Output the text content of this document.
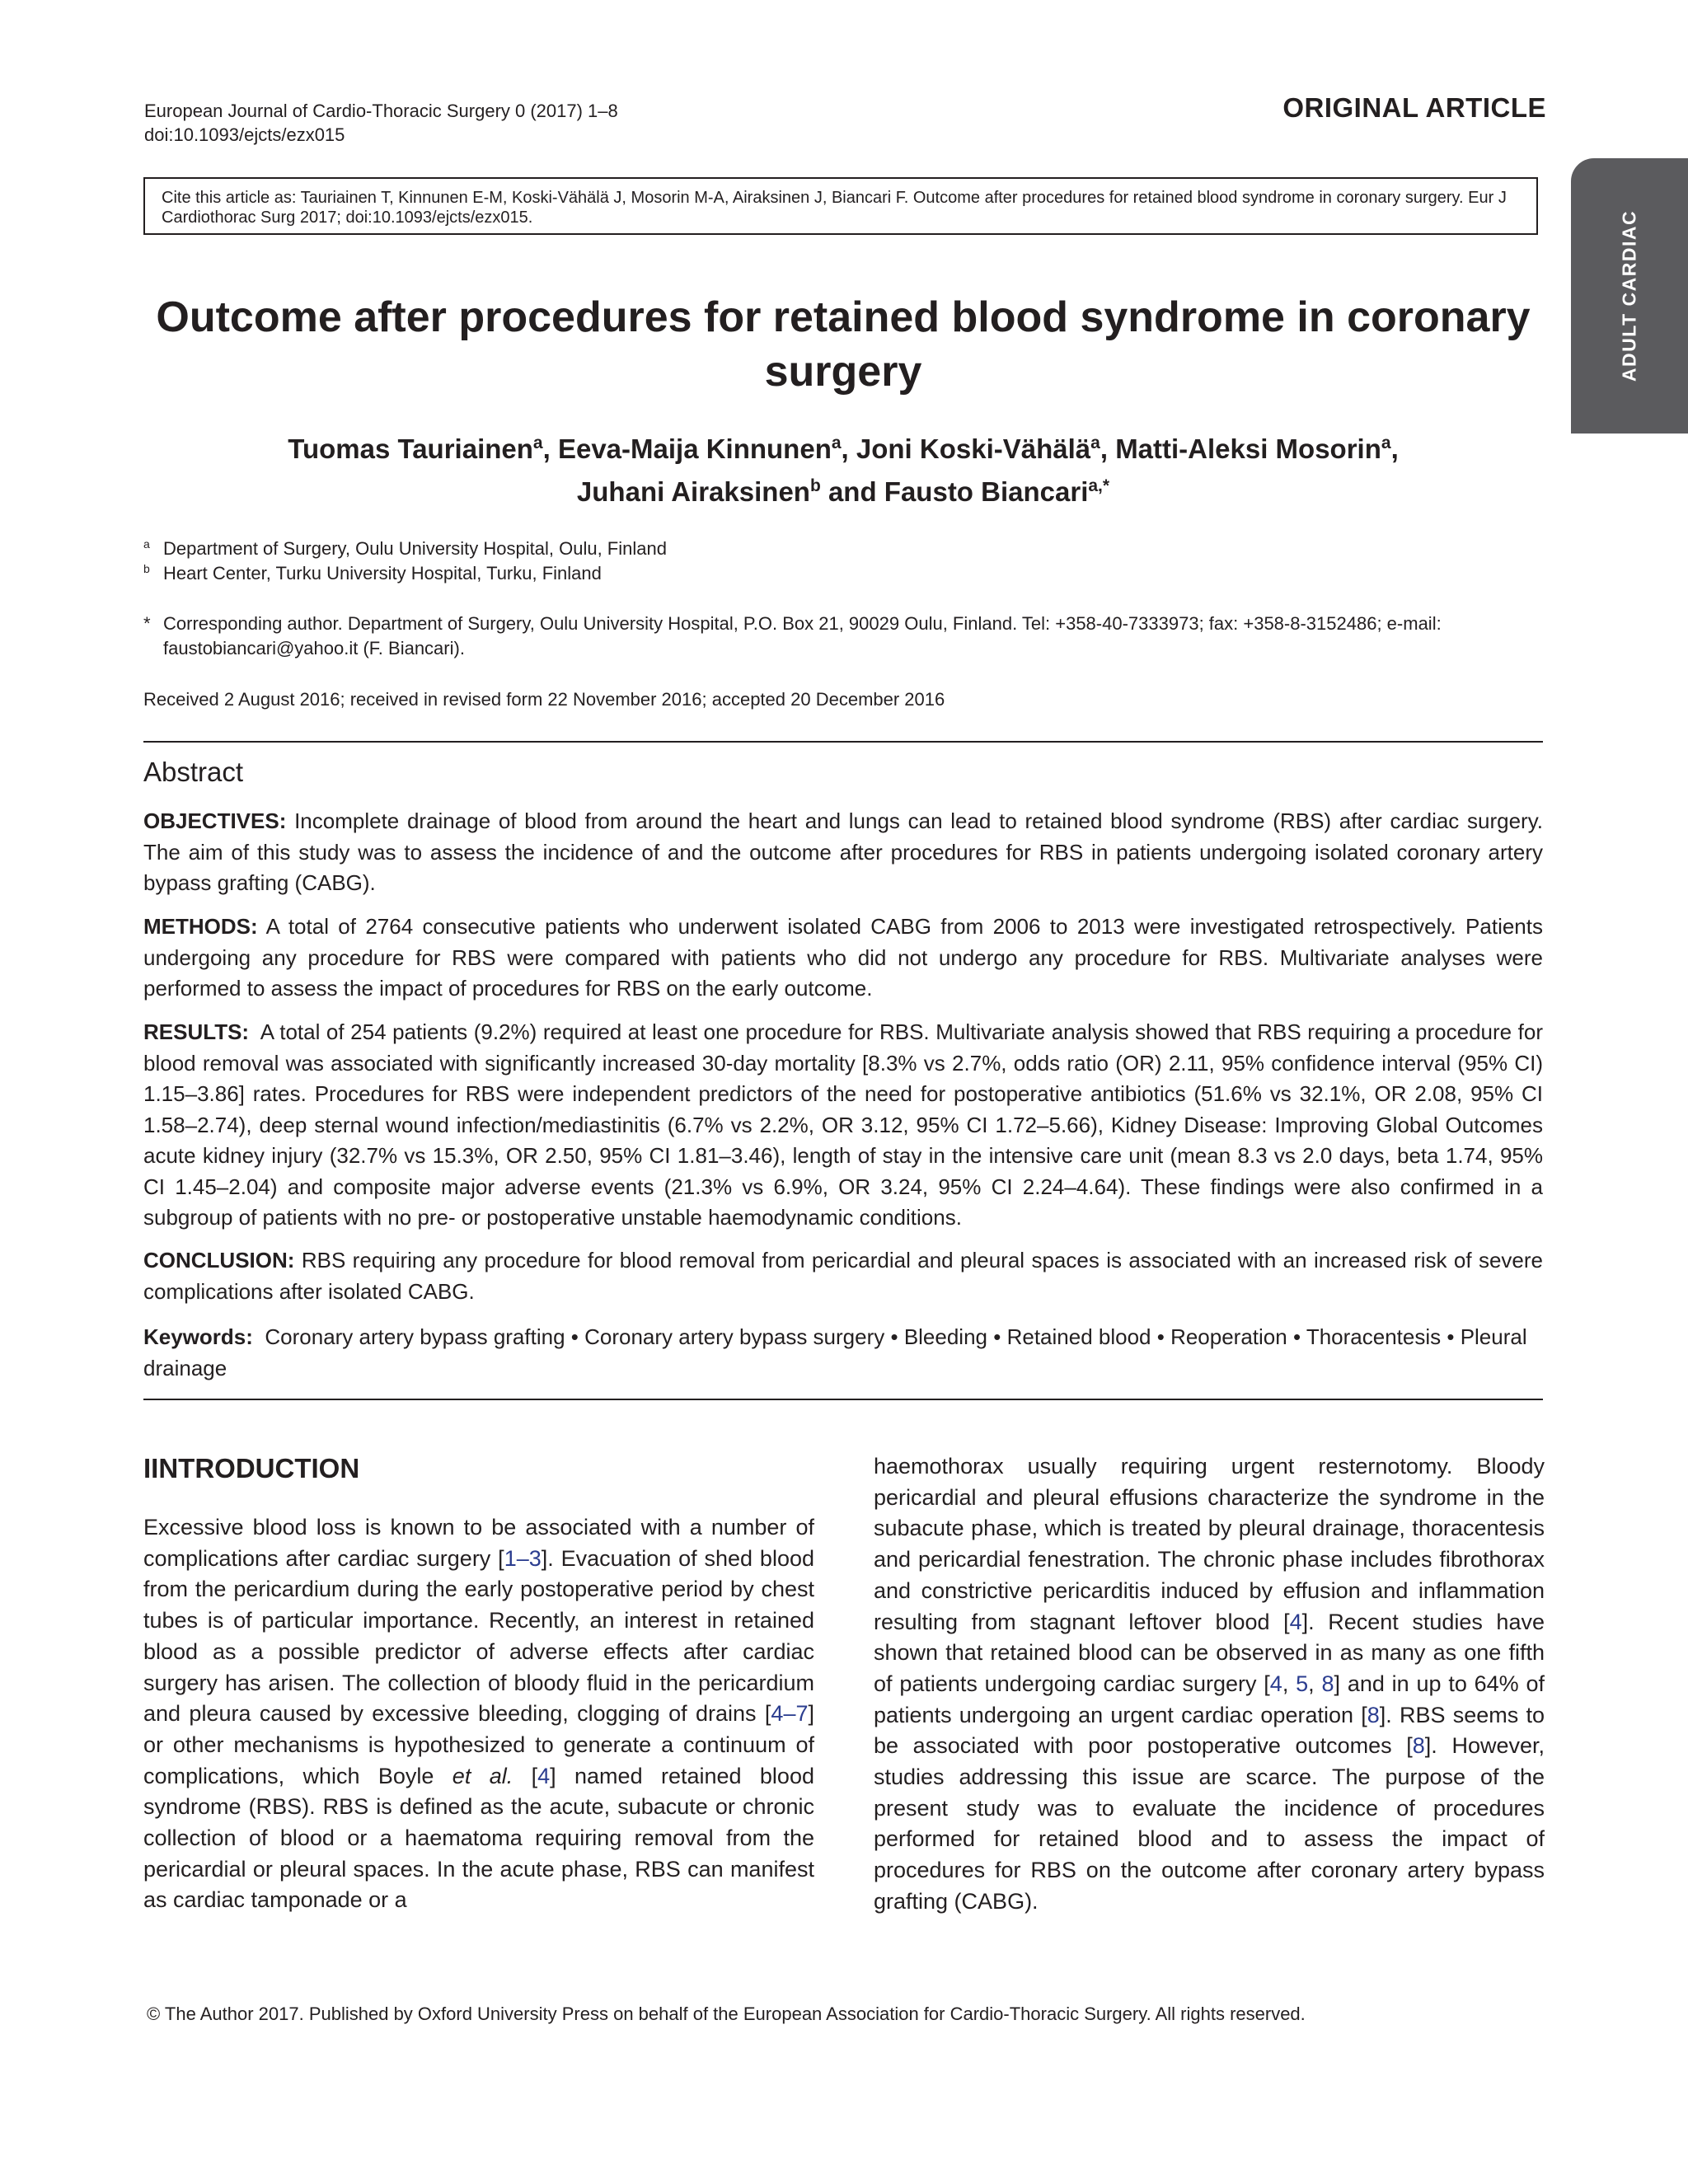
European Journal of Cardio-Thoracic Surgery 0 (2017) 1–8
doi:10.1093/ejcts/ezx015
ORIGINAL ARTICLE
ADULT CARDIAC
Cite this article as: Tauriainen T, Kinnunen E-M, Koski-Vähälä J, Mosorin M-A, Airaksinen J, Biancari F. Outcome after procedures for retained blood syndrome in coronary surgery. Eur J Cardiothorac Surg 2017; doi:10.1093/ejcts/ezx015.
Outcome after procedures for retained blood syndrome in coronary surgery
Tuomas Tauriainen$^a$, Eeva-Maija Kinnunen$^a$, Joni Koski-Vähälä$^a$, Matti-Aleksi Mosorin$^a$,
Juhani Airaksinen$^b$ and Fausto Biancari$^{a,*}$
$^a$ Department of Surgery, Oulu University Hospital, Oulu, Finland
$^b$ Heart Center, Turku University Hospital, Turku, Finland
* Corresponding author. Department of Surgery, Oulu University Hospital, P.O. Box 21, 90029 Oulu, Finland. Tel: +358-40-7333973; fax: +358-8-3152486; e-mail: faustobiancari@yahoo.it (F. Biancari).
Received 2 August 2016; received in revised form 22 November 2016; accepted 20 December 2016
Abstract

OBJECTIVES: Incomplete drainage of blood from around the heart and lungs can lead to retained blood syndrome (RBS) after cardiac surgery. The aim of this study was to assess the incidence of and the outcome after procedures for RBS in patients undergoing isolated coronary artery bypass grafting (CABG).

METHODS: A total of 2764 consecutive patients who underwent isolated CABG from 2006 to 2013 were investigated retrospectively. Patients undergoing any procedure for RBS were compared with patients who did not undergo any procedure for RBS. Multivariate analyses were performed to assess the impact of procedures for RBS on the early outcome.

RESULTS: A total of 254 patients (9.2%) required at least one procedure for RBS. Multivariate analysis showed that RBS requiring a procedure for blood removal was associated with significantly increased 30-day mortality [8.3% vs 2.7%, odds ratio (OR) 2.11, 95% confidence interval (95% CI) 1.15–3.86] rates. Procedures for RBS were independent predictors of the need for postoperative antibiotics (51.6% vs 32.1%, OR 2.08, 95% CI 1.58–2.74), deep sternal wound infection/mediastinitis (6.7% vs 2.2%, OR 3.12, 95% CI 1.72–5.66), Kidney Disease: Improving Global Outcomes acute kidney injury (32.7% vs 15.3%, OR 2.50, 95% CI 1.81–3.46), length of stay in the intensive care unit (mean 8.3 vs 2.0 days, beta 1.74, 95% CI 1.45–2.04) and composite major adverse events (21.3% vs 6.9%, OR 3.24, 95% CI 2.24–4.64). These findings were also confirmed in a subgroup of patients with no pre- or postoperative unstable haemodynamic conditions.

CONCLUSION: RBS requiring any procedure for blood removal from pericardial and pleural spaces is associated with an increased risk of severe complications after isolated CABG.

Keywords: Coronary artery bypass grafting • Coronary artery bypass surgery • Bleeding • Retained blood • Reoperation • Thoracentesis • Pleural drainage

IINTRODUCTION

Excessive blood loss is known to be associated with a number of complications after cardiac surgery [1–3]. Evacuation of shed blood from the pericardium during the early postoperative period by chest tubes is of particular importance. Recently, an interest in retained blood as a possible predictor of adverse effects after cardiac surgery has arisen. The collection of bloody fluid in the pericardium and pleura caused by excessive bleeding, clogging of drains [4–7] or other mechanisms is hypothesized to generate a continuum of complications, which Boyle et al. [4] named retained blood syndrome (RBS). RBS is defined as the acute, subacute or chronic collection of blood or a haematoma requiring removal from the pericardial or pleural spaces. In the acute phase, RBS can manifest as cardiac tamponade or a

haemothorax usually requiring urgent resternotomy. Bloody pericardial and pleural effusions characterize the syndrome in the subacute phase, which is treated by pleural drainage, thoracentesis and pericardial fenestration. The chronic phase includes fibrothorax and constrictive pericarditis induced by effusion and inflammation resulting from stagnant leftover blood [4]. Recent studies have shown that retained blood can be observed in as many as one fifth of patients undergoing cardiac surgery [4, 5, 8] and in up to 64% of patients undergoing an urgent cardiac operation [8]. RBS seems to be associated with poor postoperative outcomes [8]. However, studies addressing this issue are scarce. The purpose of the present study was to evaluate the incidence of procedures performed for retained blood and to assess the impact of procedures for RBS on the outcome after coronary artery bypass grafting (CABG).

© The Author 2017. Published by Oxford University Press on behalf of the European Association for Cardio-Thoracic Surgery. All rights reserved.
